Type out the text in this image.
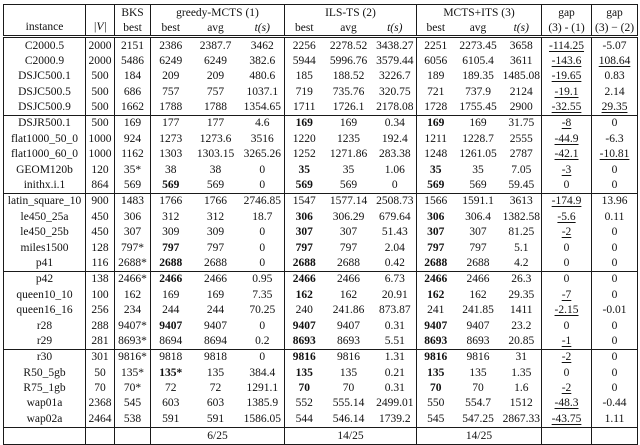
instance	|V|	BKS	greedy-MCTS (1)			ILS-TS (2)			MCTS+ITS (3)			gap	gap
		best	best	avg	t(s)	best	avg	t(s)	best	avg	t(s)	(3) - (1)	(3) − (2)
C2000.5	2000	2151	2386	2387.7	3462	2256	2278.52	3438.27	2251	2273.45	3658	-114.25	-5.07
C2000.9	2000	5486	6249	6249	382.6	5944	5996.76	3579.44	6056	6105.4	3611	-143.6	108.64
DSJC500.1	500	184	209	209	480.6	185	188.52	3226.7	189	189.35	1485.08	-19.65	0.83
DSJC500.5	500	686	757	757	1037.1	719	735.76	320.75	721	737.9	2124	-19.1	2.14
DSJC500.9	500	1662	1788	1788	1354.65	1711	1726.1	2178.08	1728	1755.45	2900	-32.55	29.35
DSJR500.1	500	169	177	177	4.6	169	169	0.34	169	169	31.75	-8	0
flat1000_50_0	1000	924	1273	1273.6	3516	1220	1235	192.4	1211	1228.7	2555	-44.9	-6.3
flat1000_60_0	1000	1162	1303	1303.15	3265.26	1252	1271.86	283.38	1248	1261.05	2787	-42.1	-10.81
GEOM120b	120	35*	38	38	0	35	35	1.06	35	35	7.05	-3	0
inithx.i.1	864	569	569	569	0	569	569	0	569	569	59.45	0	0
latin_square_10	900	1483	1766	1766	2746.85	1547	1577.14	2508.73	1566	1591.1	3613	-174.9	13.96
le450_25a	450	306	312	312	18.7	306	306.29	679.64	306	306.4	1382.58	-5.6	0.11
le450_25b	450	307	309	309	0	307	307	51.43	307	307	81.25	-2	0
miles1500	128	797*	797	797	0	797	797	2.04	797	797	5.1	0	0
p41	116	2688*	2688	2688	0	2688	2688	0.42	2688	2688	4.2	0	0
p42	138	2466*	2466	2466	0.95	2466	2466	6.73	2466	2466	26.3	0	0
queen10_10	100	162	169	169	7.35	162	162	20.91	162	162	29.35	-7	0
queen16_16	256	234	244	244	70.25	240	241.86	873.87	241	241.85	1411	-2.15	-0.01
r28	288	9407*	9407	9407	0	9407	9407	0.31	9407	9407	23.2	0	0
r29	281	8693*	8694	8694	0.2	8693	8693	5.51	8693	8693	20.85	-1	0
r30	301	9816*	9818	9818	0	9816	9816	1.31	9816	9816	31	-2	0
R50_5gb	50	135*	135*	135	384.4	135	135	0.21	135	135	1.35	0	0
R75_1gb	70	70*	72	72	1291.1	70	70	0.31	70	70	1.6	-2	0
wap01a	2368	545	603	603	1385.9	552	555.14	2499.01	550	554.7	1512	-48.3	-0.44
wap02a	2464	538	591	591	1586.05	544	546.14	1739.2	545	547.25	2867.33	-43.75	1.11
			6/25			14/25			14/25				
